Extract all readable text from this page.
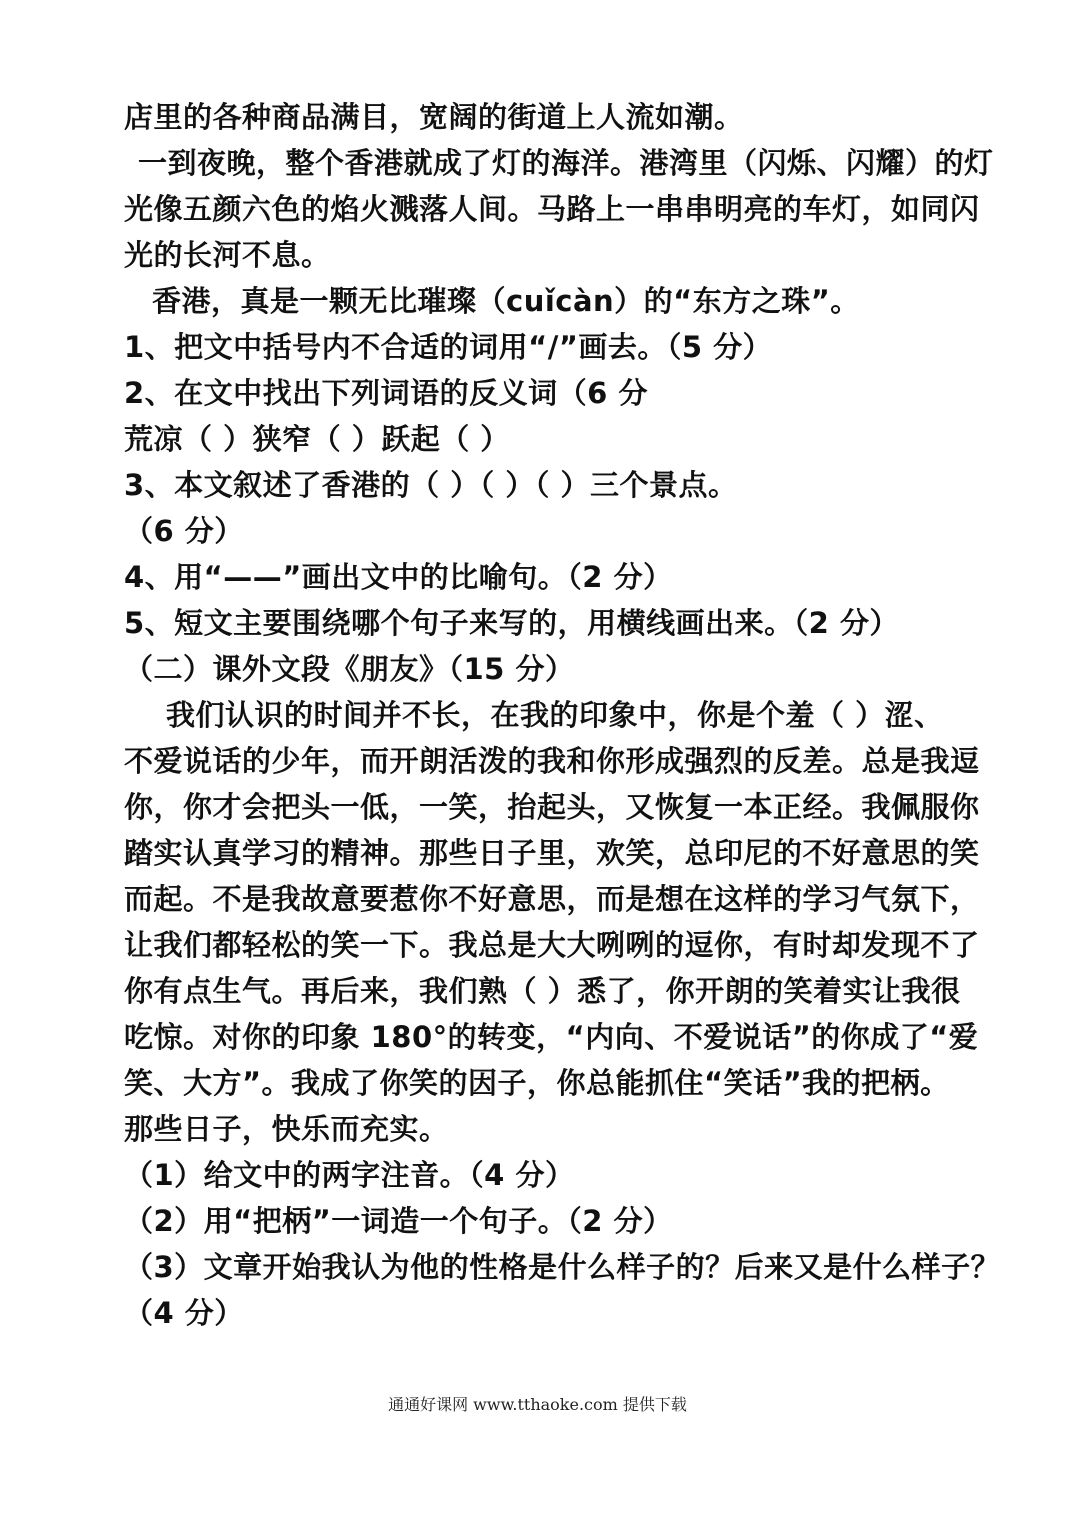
店里的各种商品满目，宽阔的街道上人流如潮。
一到夜晚，整个香港就成了灯的海洋。港湾里（闪烁、闪耀）的灯
光像五颜六色的焰火溅落人间。马路上一串串明亮的车灯，如同闪
光的长河不息。
香港，真是一颗无比璀璨（cuǐcàn）的“东方之珠”。
1、把文中括号内不合适的词用“/”画去。（5 分）
2、在文中找出下列词语的反义词（6 分
荒凉（ ）狭窄（ ）跃起（ ）
3、本文叙述了香港的（ ）（ ）（ ）三个景点。
（6 分）
4、用“——”画出文中的比喻句。（2 分）
5、短文主要围绕哪个句子来写的，用横线画出来。（2 分）
（二）课外文段《朋友》（15 分）
我们认识的时间并不长，在我的印象中，你是个羞（ ）涩、
不爱说话的少年，而开朗活泼的我和你形成强烈的反差。总是我逗
你，你才会把头一低，一笑，抬起头，又恢复一本正经。我佩服你
踏实认真学习的精神。那些日子里，欢笑，总印尼的不好意思的笑
而起。不是我故意要惹你不好意思，而是想在这样的学习气氛下，
让我们都轻松的笑一下。我总是大大咧咧的逗你，有时却发现不了
你有点生气。再后来，我们熟（ ）悉了，你开朗的笑着实让我很
吃惊。对你的印象 180°的转变，“内向、不爱说话”的你成了“爱
笑、大方”。我成了你笑的因子，你总能抓住“笑话”我的把柄。
那些日子，快乐而充实。
（1）给文中的两字注音。（4 分）
（2）用“把柄”一词造一个句子。（2 分）
（3）文章开始我认为他的性格是什么样子的？后来又是什么样子？
（4 分）
通通好课网 www.tthaoke.com 提供下载
